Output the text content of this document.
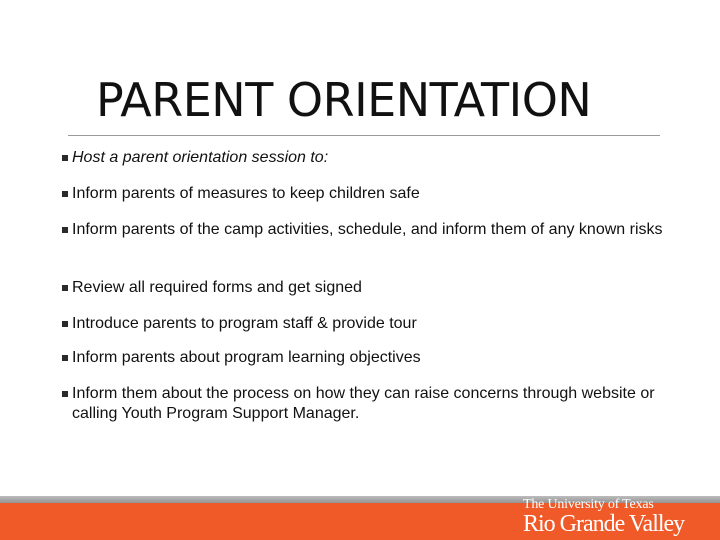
PARENT ORIENTATION
Host a parent orientation session to:
Inform parents of measures to keep children safe
Inform parents of the camp activities, schedule, and inform them of any known risks
Review all required forms and get signed
Introduce parents to program staff & provide tour
Inform parents about program learning objectives
Inform them about the process on how they can raise concerns through website or calling Youth Program Support Manager.
The University of Texas
Rio Grande Valley
